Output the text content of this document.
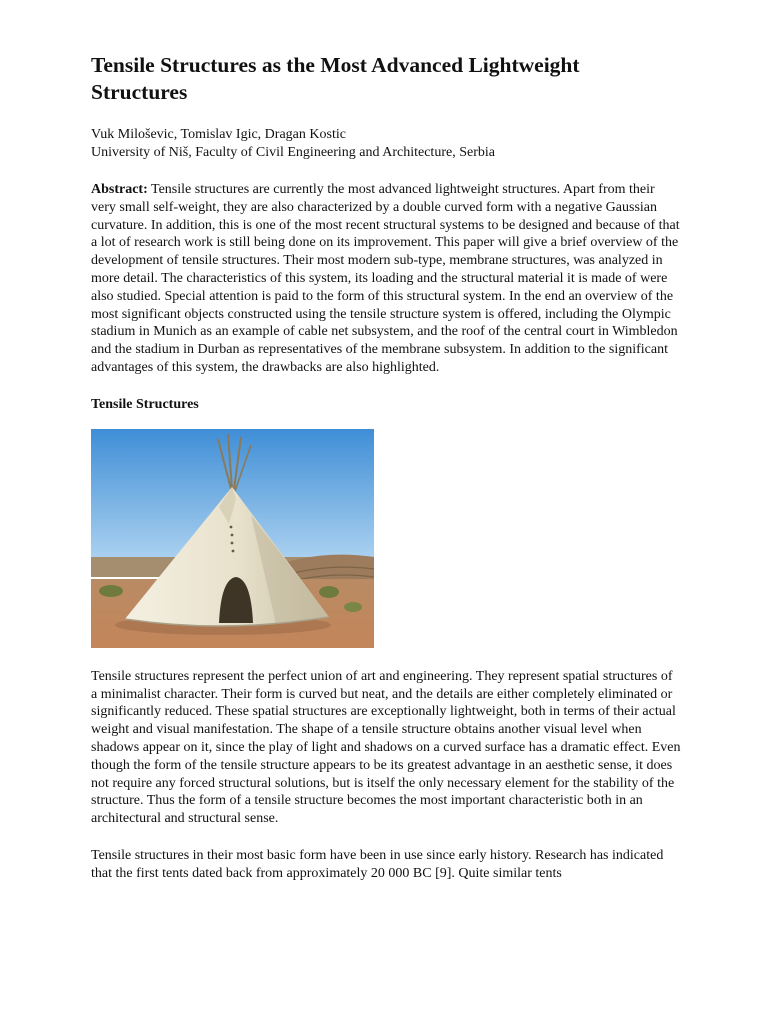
Tensile Structures as the Most Advanced Lightweight Structures
Vuk Miloševic, Tomislav Igic, Dragan Kostic
University of Niš, Faculty of Civil Engineering and Architecture, Serbia
Abstract: Tensile structures are currently the most advanced lightweight structures. Apart from their very small self-weight, they are also characterized by a double curved form with a negative Gaussian curvature. In addition, this is one of the most recent structural systems to be designed and because of that a lot of research work is still being done on its improvement. This paper will give a brief overview of the development of tensile structures. Their most modern sub-type, membrane structures, was analyzed in more detail. The characteristics of this system, its loading and the structural material it is made of were also studied. Special attention is paid to the form of this structural system. In the end an overview of the most significant objects constructed using the tensile structure system is offered, including the Olympic stadium in Munich as an example of cable net subsystem, and the roof of the central court in Wimbledon and the stadium in Durban as representatives of the membrane subsystem. In addition to the significant advantages of this system, the drawbacks are also highlighted.
Tensile Structures
Tensile structures represent the perfect union of art and engineering. They represent spatial structures of a minimalist character. Their form is curved but neat, and the details are either completely eliminated or significantly reduced. These spatial structures are exceptionally lightweight, both in terms of their actual weight and visual manifestation. The shape of a tensile structure obtains another visual level when shadows appear on it, since the play of light and shadows on a curved surface has a dramatic effect. Even though the form of the tensile structure appears to be its greatest advantage in an aesthetic sense, it does not require any forced structural solutions, but is itself the only necessary element for the stability of the structure. Thus the form of a tensile structure becomes the most important characteristic both in an architectural and structural sense.
Tensile structures in their most basic form have been in use since early history. Research has indicated that the first tents dated back from approximately 20 000 BC [9]. Quite similar tents
